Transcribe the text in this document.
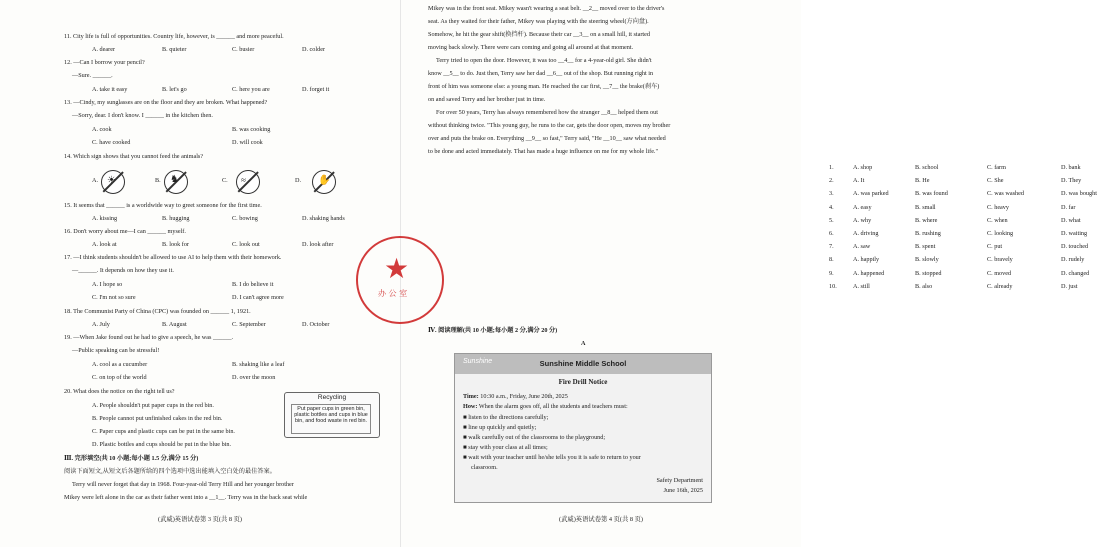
11. City life is full of opportunities. Country life, however, is ______ and more peaceful.
A. dearer	B. quieter	C. busier	D. colder
12. —Can I borrow your pencil?
—Sure. ______.
A. take it easy	B. let's go	C. here you are	D. forget it
13. —Cindy, my sunglasses are on the floor and they are broken. What happened?
—Sorry, dear. I don't know. I ______ in the kitchen then.
A. cook	B. was cooking
C. have cooked	D. will cook
14. Which sign shows that you cannot feed the animals?
A. ☀	B. ♞	C. ≈	D. ✋
15. It seems that ______ is a worldwide way to greet someone for the first time.
A. kissing	B. hugging	C. bowing	D. shaking hands
16. Don't worry about me—I can ______ myself.
A. look at	B. look for	C. look out	D. look after
17. —I think students shouldn't be allowed to use AI to help them with their homework.
—______. It depends on how they use it.
A. I hope so	B. I do believe it
C. I'm not so sure	D. I can't agree more
18. The Communist Party of China (CPC) was founded on ______ 1, 1921.
A. July	B. August	C. September	D. October
19. —When Jake found out he had to give a speech, he was ______.
—Public speaking can be stressful!
A. cool as a cucumber	B. shaking like a leaf
C. on top of the world	D. over the moon
20. What does the notice on the right tell us?
A. People shouldn't put paper cups in the red bin.
B. People cannot put unfinished cakes in the red bin.
C. Paper cups and plastic cups can be put in the same bin.
D. Plastic bottles and cups should be put in the blue bin.
Recycling
Put paper cups in green bin, plastic bottles and cups in blue bin, and food waste in red bin.
Ⅲ. 完形填空(共 10 小题;每小题 1.5 分,满分 15 分)
阅读下面短文,从短文后各题所给的四个选项中选出能填入空白处的最佳答案。
Terry will never forget that day in 1968. Four-year-old Terry Hill and her younger brother
Mikey were left alone in the car as their father went into a __1__. Terry was in the back seat while
(武威)英语试卷第 3 页(共 8 页)
Mikey was in the front seat. Mikey wasn't wearing a seat belt. __2__ moved over to the driver's
seat. As they waited for their father, Mikey was playing with the steering wheel(方向盘).
Somehow, he hit the gear shift(换挡杆). Because their car __3__ on a small hill, it started
moving back slowly. There were cars coming and going all around at that moment.
Terry tried to open the door. However, it was too __4__ for a 4-year-old girl. She didn't
know __5__ to do. Just then, Terry saw her dad __6__ out of the shop. But running right in
front of him was someone else: a young man. He reached the car first, __7__ the brake(刹车)
on and saved Terry and her brother just in time.
For over 50 years, Terry has always remembered how the stranger __8__ helped them out
without thinking twice. "This young guy, he runs to the car, gets the door open, moves my brother
over and puts the brake on. Everything __9__ so fast," Terry said, "He __10__ saw what needed
to be done and acted immediately. That has made a huge influence on me for my whole life."
1.	A. shop	B. school	C. farm	D. bank
2.	A. It	B. He	C. She	D. They
3.	A. was parked	B. was found	C. was washed	D. was bought
4.	A. easy	B. small	C. heavy	D. far
5.	A. why	B. where	C. when	D. what
6.	A. driving	B. rushing	C. looking	D. waiting
7.	A. saw	B. spent	C. put	D. touched
8.	A. happily	B. slowly	C. bravely	D. rudely
9.	A. happened	B. stopped	C. moved	D. changed
10.	A. still	B. also	C. already	D. just
Ⅳ. 阅读理解(共 10 小题;每小题 2 分,满分 20 分)
A
(武威)英语试卷第 4 页(共 8 页)
Sunshine	Sunshine Middle School
Fire Drill Notice
Time: 10:30 a.m., Friday, June 20th, 2025
How: When the alarm goes off, all the students and teachers must:
■ listen to the directions carefully;
■ line up quickly and quietly;
■ walk carefully out of the classrooms to the playground;
■ stay with your class at all times;
■ wait with your teacher until he/she tells you it is safe to return to your
classroom.
Safety Department
June 16th, 2025
★
办 公 室
